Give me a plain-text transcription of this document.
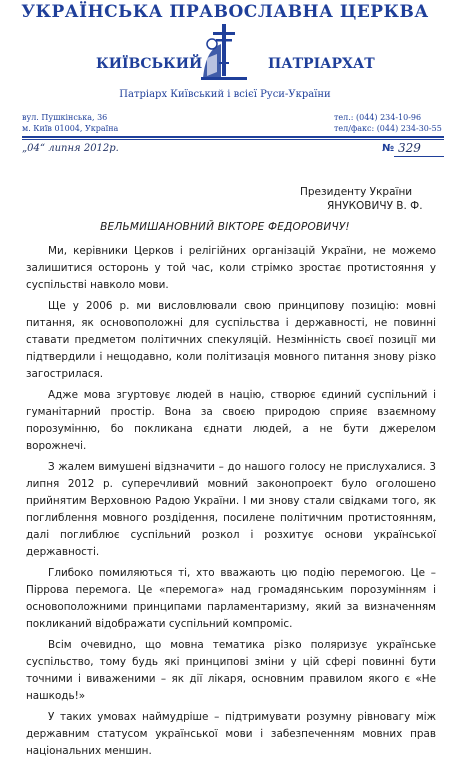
УКРАЇНСЬКА ПРАВОСЛАВНА ЦЕРКВА
КИЇВСЬКИЙ	ПАТРІАРХАТ
Патріарх Київський і всієї Руси-України
вул. Пушкінська, 36
м. Київ 01004, Україна
тел.: (044) 234-10-96
тел/факс: (044) 234-30-55
„04“ липня 2012р.	№ 329
Президенту України
ЯНУКОВИЧУ В. Ф.
ВЕЛЬМИШАНОВНИЙ ВІКТОРЕ ФЕДОРОВИЧУ!

Ми, керівники Церков і релігійних організацій України, не можемо залишитися осторонь у той час, коли стрімко зростає протистояння у суспільстві навколо мови.

Ще у 2006 р. ми висловлювали свою принципову позицію: мовні питання, як основоположні для суспільства і державності, не повинні ставати предметом політичних спекуляцій. Незмінність своєї позиції ми підтвердили і нещодавно, коли політизація мовного питання знову різко загострилася.

Адже мова згуртовує людей в націю, створює єдиний суспільний і гуманітарний простір. Вона за своєю природою сприяє взаємному порозумінню, бо покликана єднати людей, а не бути джерелом ворожнечі.

З жалем вимушені відзначити – до нашого голосу не прислухалися. 3 липня 2012 р. суперечливий мовний законопроект було оголошено прийнятим Верховною Радою України. І ми знову стали свідками того, як поглиблення мовного роздідення, посилене політичним протистоянням, далі поглиблює суспільний розкол і розхитує основи української державності.

Глибоко помиляються ті, хто вважають цю подію перемогою. Це – Піррова перемога. Це «перемога» над громадянським порозумінням і основоположними принципами парламентаризму, який за визначенням покликаний відображати суспільний компроміс.

Всім очевидно, що мовна тематика різко поляризує українське суспільство, тому будь які принципові зміни у цій сфері повинні бути точними і виваженими – як дії лікаря, основним правилом якого є «Не нашкодь!»

У таких умовах наймудріше – підтримувати розумну рівновагу між державним статусом української мови і забезпеченням мовних прав національних меншин.
